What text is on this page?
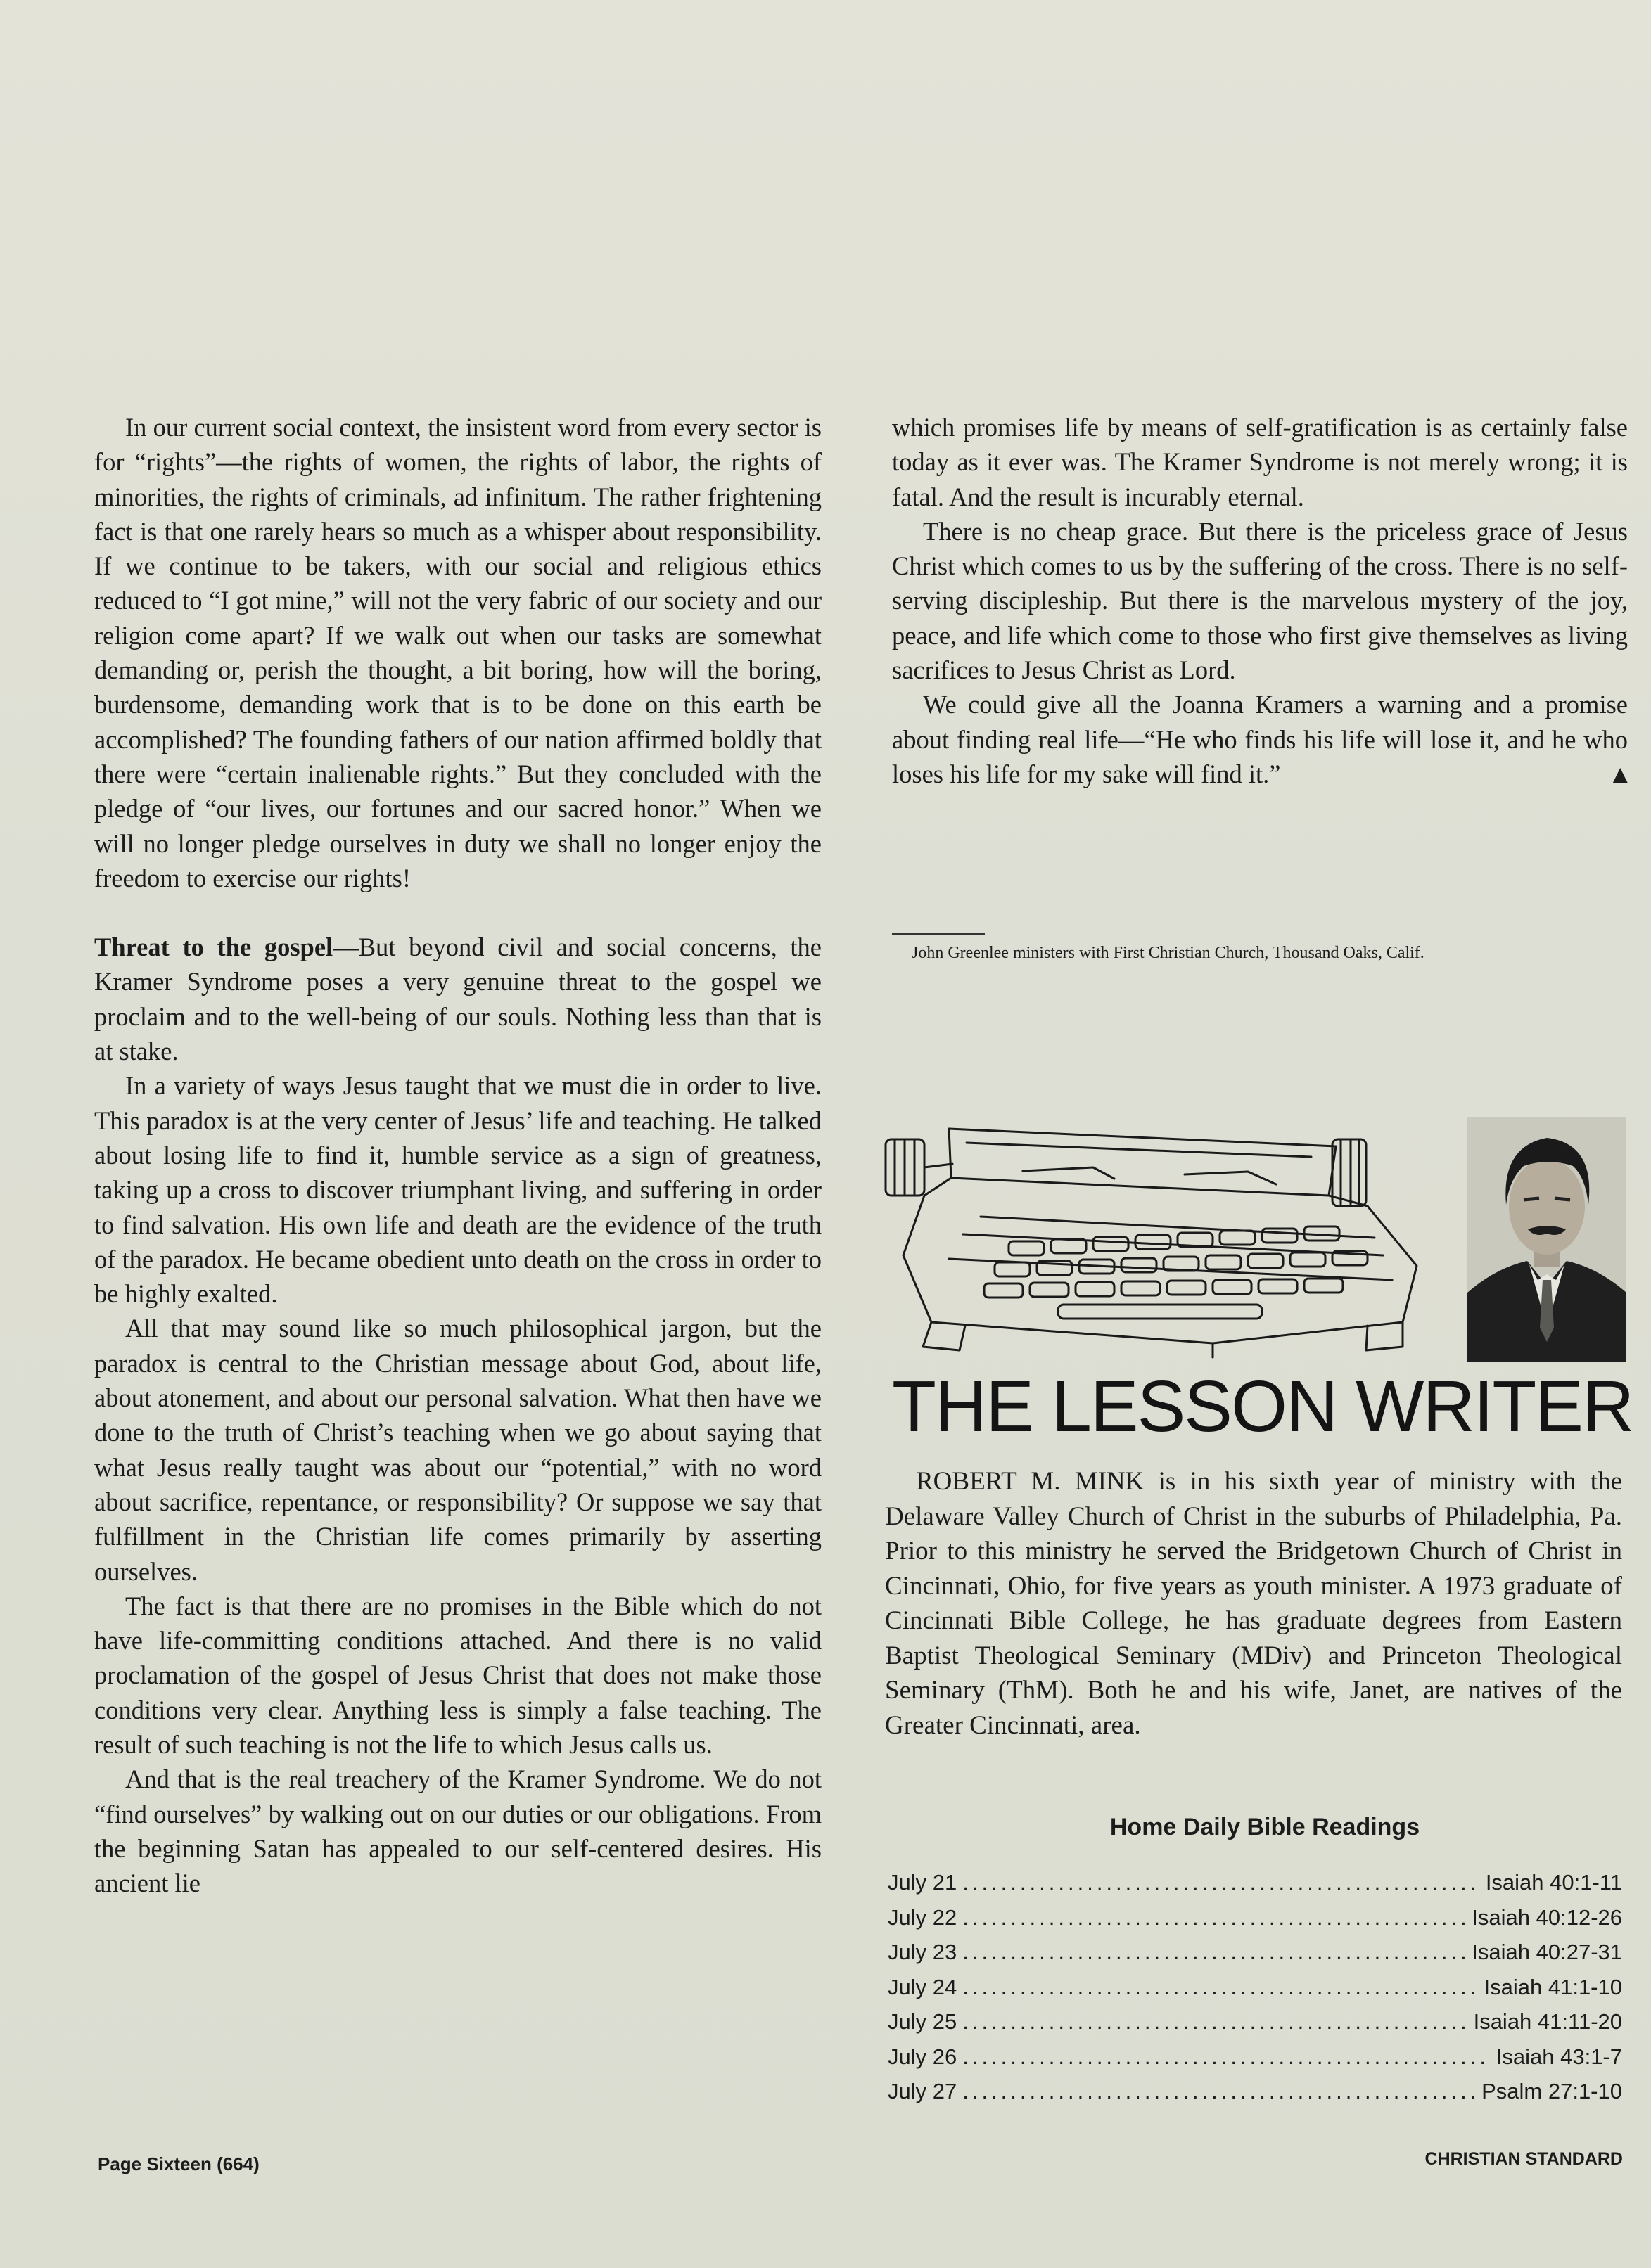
In our current social context, the insistent word from every sector is for “rights”—the rights of women, the rights of labor, the rights of minorities, the rights of criminals, ad infinitum. The rather frightening fact is that one rarely hears so much as a whisper about responsibility. If we continue to be takers, with our social and religious ethics reduced to “I got mine,” will not the very fabric of our society and our religion come apart? If we walk out when our tasks are somewhat demanding or, perish the thought, a bit boring, how will the boring, burdensome, demanding work that is to be done on this earth be accomplished? The founding fathers of our nation affirmed boldly that there were “certain inalienable rights.” But they concluded with the pledge of “our lives, our fortunes and our sacred honor.” When we will no longer pledge ourselves in duty we shall no longer enjoy the freedom to exercise our rights!

Threat to the gospel—But beyond civil and social concerns, the Kramer Syndrome poses a very genuine threat to the gospel we proclaim and to the well-being of our souls. Nothing less than that is at stake.

In a variety of ways Jesus taught that we must die in order to live. This paradox is at the very center of Jesus’ life and teaching. He talked about losing life to find it, humble service as a sign of greatness, taking up a cross to discover triumphant living, and suffering in order to find salvation. His own life and death are the evidence of the truth of the paradox. He became obedient unto death on the cross in order to be highly exalted.

All that may sound like so much philosophical jargon, but the paradox is central to the Christian message about God, about life, about atonement, and about our personal salvation. What then have we done to the truth of Christ’s teaching when we go about saying that what Jesus really taught was about our “potential,” with no word about sacrifice, repentance, or responsibility? Or suppose we say that fulfillment in the Christian life comes primarily by asserting ourselves.

The fact is that there are no promises in the Bible which do not have life-committing conditions attached. And there is no valid proclamation of the gospel of Jesus Christ that does not make those conditions very clear. Anything less is simply a false teaching. The result of such teaching is not the life to which Jesus calls us.

And that is the real treachery of the Kramer Syndrome. We do not “find ourselves” by walking out on our duties or our obligations. From the beginning Satan has appealed to our self-centered desires. His ancient lie

which promises life by means of self-gratification is as certainly false today as it ever was. The Kramer Syndrome is not merely wrong; it is fatal. And the result is incurably eternal.

There is no cheap grace. But there is the priceless grace of Jesus Christ which comes to us by the suffering of the cross. There is no self-serving discipleship. But there is the marvelous mystery of the joy, peace, and life which come to those who first give themselves as living sacrifices to Jesus Christ as Lord.

We could give all the Joanna Kramers a warning and a promise about finding real life—“He who finds his life will lose it, and he who loses his life for my sake will find it.”	▲

John Greenlee ministers with First Christian Church, Thousand Oaks, Calif.
THE LESSON WRITER

ROBERT M. MINK is in his sixth year of ministry with the Delaware Valley Church of Christ in the suburbs of Philadelphia, Pa. Prior to this ministry he served the Bridgetown Church of Christ in Cincinnati, Ohio, for five years as youth minister. A 1973 graduate of Cincinnati Bible College, he has graduate degrees from Eastern Baptist Theological Seminary (MDiv) and Princeton Theological Seminary (ThM). Both he and his wife, Janet, are natives of the Greater Cincinnati, area.

Home Daily Bible Readings
July 21 .....	Isaiah 40:1-11
July 22 .....	Isaiah 40:12-26
July 23 .....	Isaiah 40:27-31
July 24 .....	Isaiah 41:1-10
July 25 .....	Isaiah 41:11-20
July 26 .....	Isaiah 43:1-7
July 27 .....	Psalm 27:1-10
Page Sixteen (664)	CHRISTIAN STANDARD
